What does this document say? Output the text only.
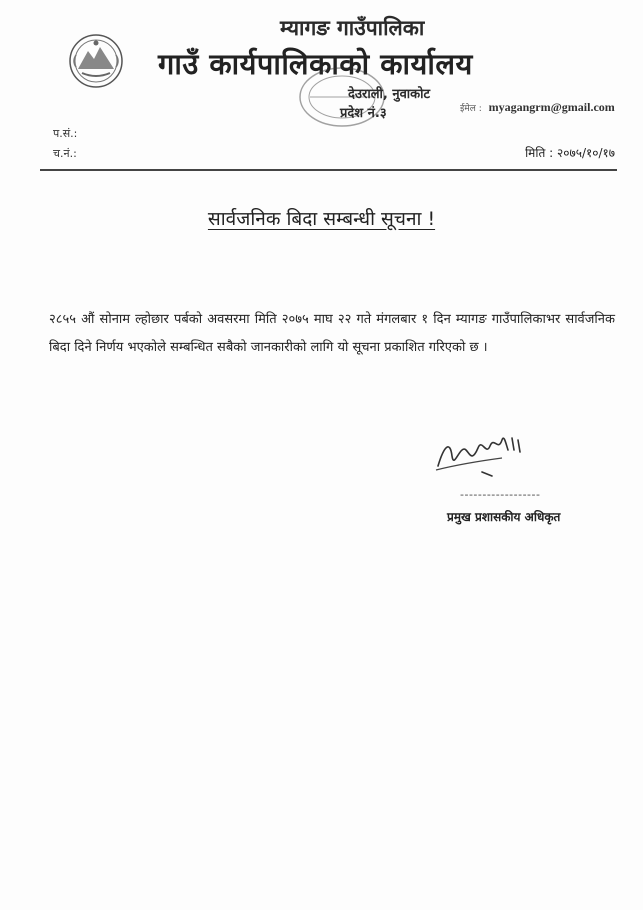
म्यागङ गाउँपालिका
गाउँ कार्यपालिकाको कार्यालय
देउराली, नुवाकोट
प्रदेश नं.३	ईमेल : myagangrm@gmail.com
प.सं.:
च.नं.:	मिति : २०७५/१०/१७
सार्वजनिक बिदा सम्बन्धी सूचना !
२८५५ औं सोनाम ल्होछार पर्बको अवसरमा मिति २०७५ माघ २२ गते मंगलबार १ दिन म्यागङ गाउँपालिकाभर सार्वजनिक बिदा दिने निर्णय भएकोले सम्बन्धित सबैको जानकारीको लागि यो सूचना प्रकाशित गरिएको छ ।
------------------
प्रमुख प्रशासकीय अधिकृत
